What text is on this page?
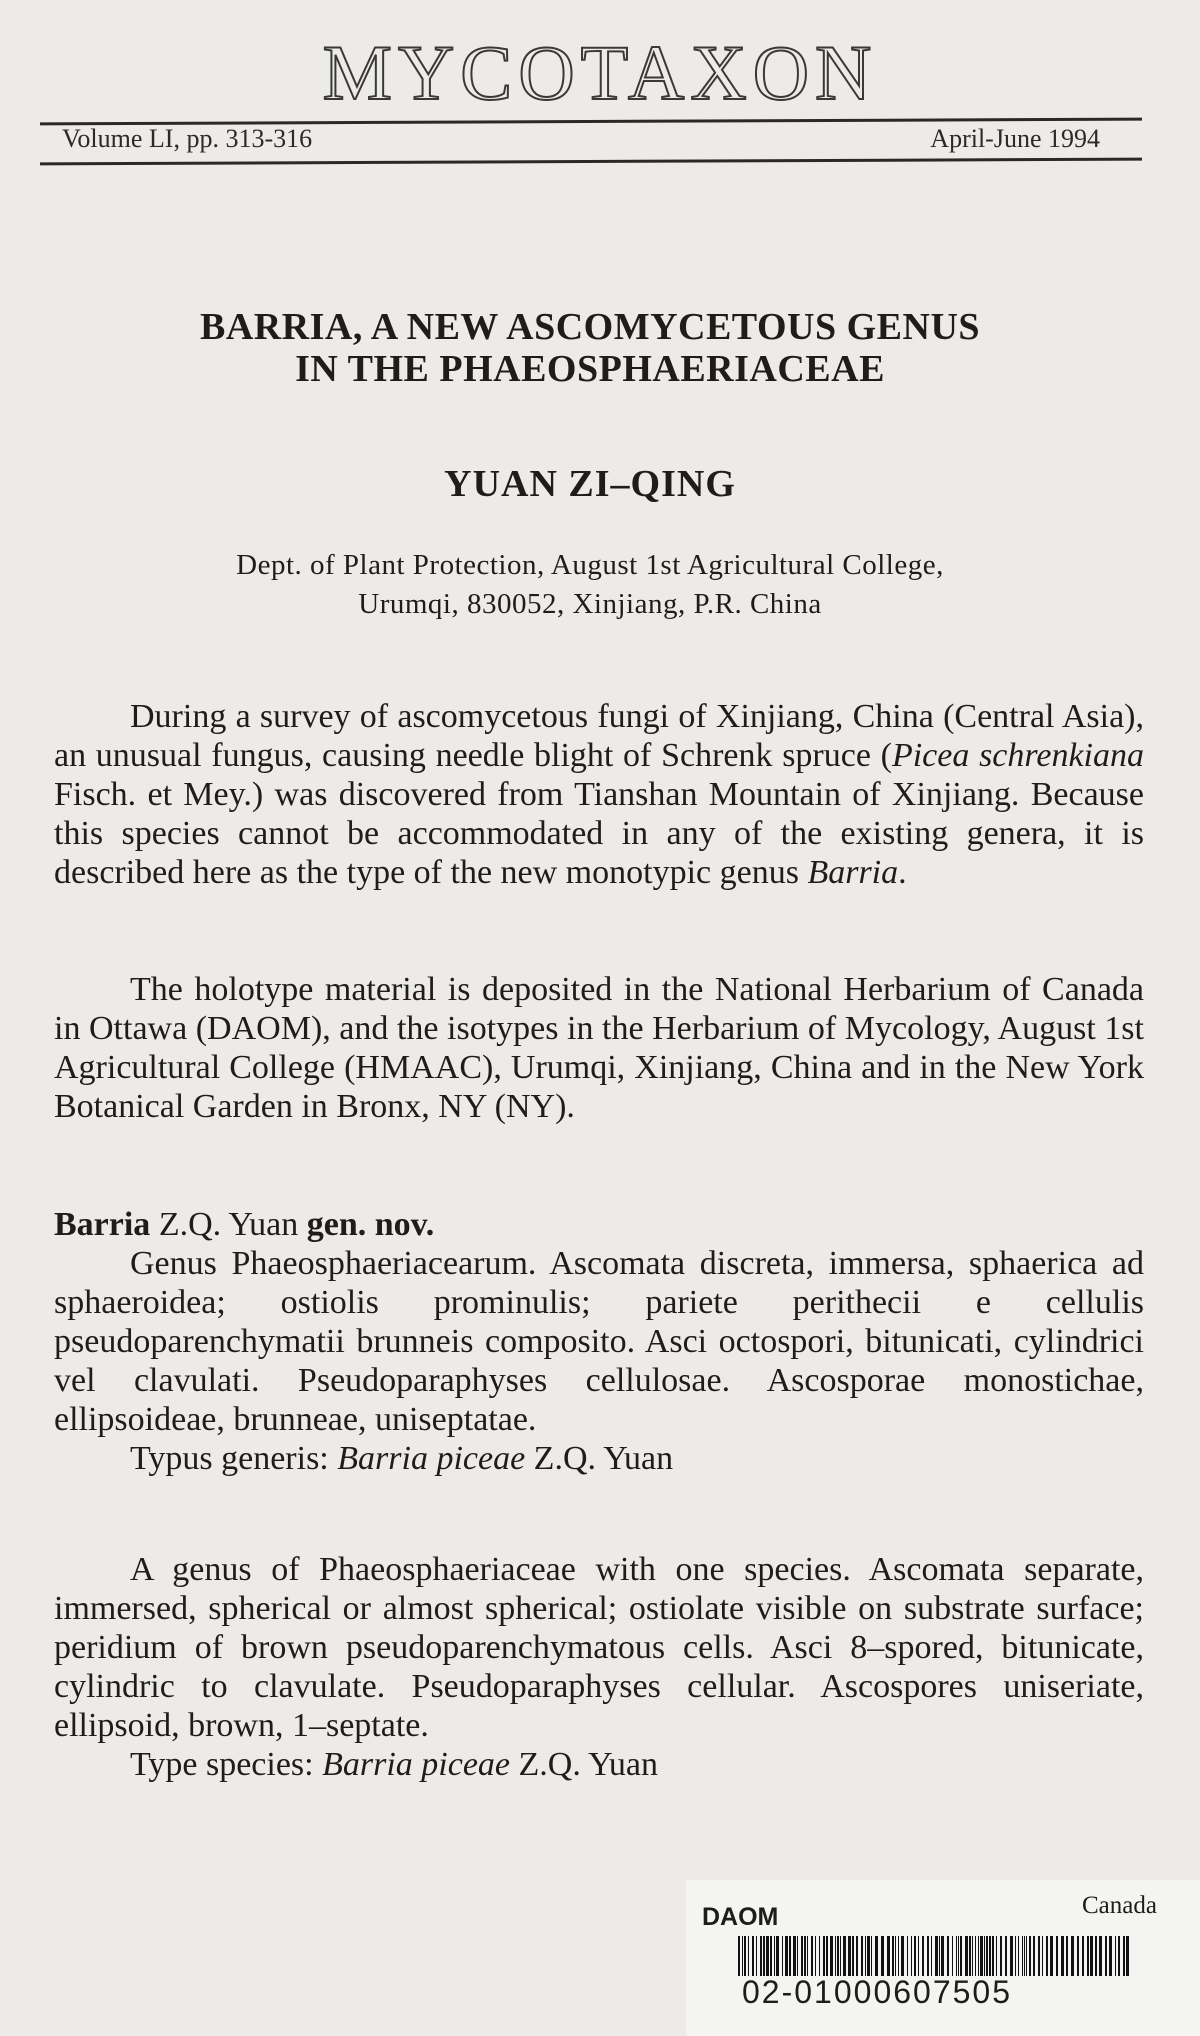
MYCOTAXON
Volume LI, pp. 313-316	April-June 1994
BARRIA, A NEW ASCOMYCETOUS GENUS
IN THE PHAEOSPHAERIACEAE
YUAN ZI–QING
Dept. of Plant Protection, August 1st Agricultural College,
Urumqi, 830052, Xinjiang, P.R. China

During a survey of ascomycetous fungi of Xinjiang, China (Central Asia), an unusual fungus, causing needle blight of Schrenk spruce (Picea schrenkiana Fisch. et Mey.) was discovered from Tianshan Mountain of Xinjiang. Because this species cannot be accommodated in any of the existing genera, it is described here as the type of the new monotypic genus Barria.

The holotype material is deposited in the National Herbarium of Canada in Ottawa (DAOM), and the isotypes in the Herbarium of Mycology, August 1st Agricultural College (HMAAC), Urumqi, Xinjiang, China and in the New York Botanical Garden in Bronx, NY (NY).

Barria Z.Q. Yuan gen. nov.

Genus Phaeosphaeriacearum. Ascomata discreta, immersa, sphaerica ad sphaeroidea; ostiolis prominulis; pariete perithecii e cellulis pseudoparenchymatii brunneis composito. Asci octospori, bitunicati, cylindrici vel clavulati. Pseudoparaphyses cellulosae. Ascosporae monostichae, ellipsoideae, brunneae, uniseptatae.

Typus generis: Barria piceae Z.Q. Yuan

A genus of Phaeosphaeriaceae with one species. Ascomata separate, immersed, spherical or almost spherical; ostiolate visible on substrate surface; peridium of brown pseudoparenchymatous cells. Asci 8–spored, bitunicate, cylindric to clavulate. Pseudoparaphyses cellular. Ascospores uniseriate, ellipsoid, brown, 1–septate.

Type species: Barria piceae Z.Q. Yuan

DAOM	Canada
02-01000607505
